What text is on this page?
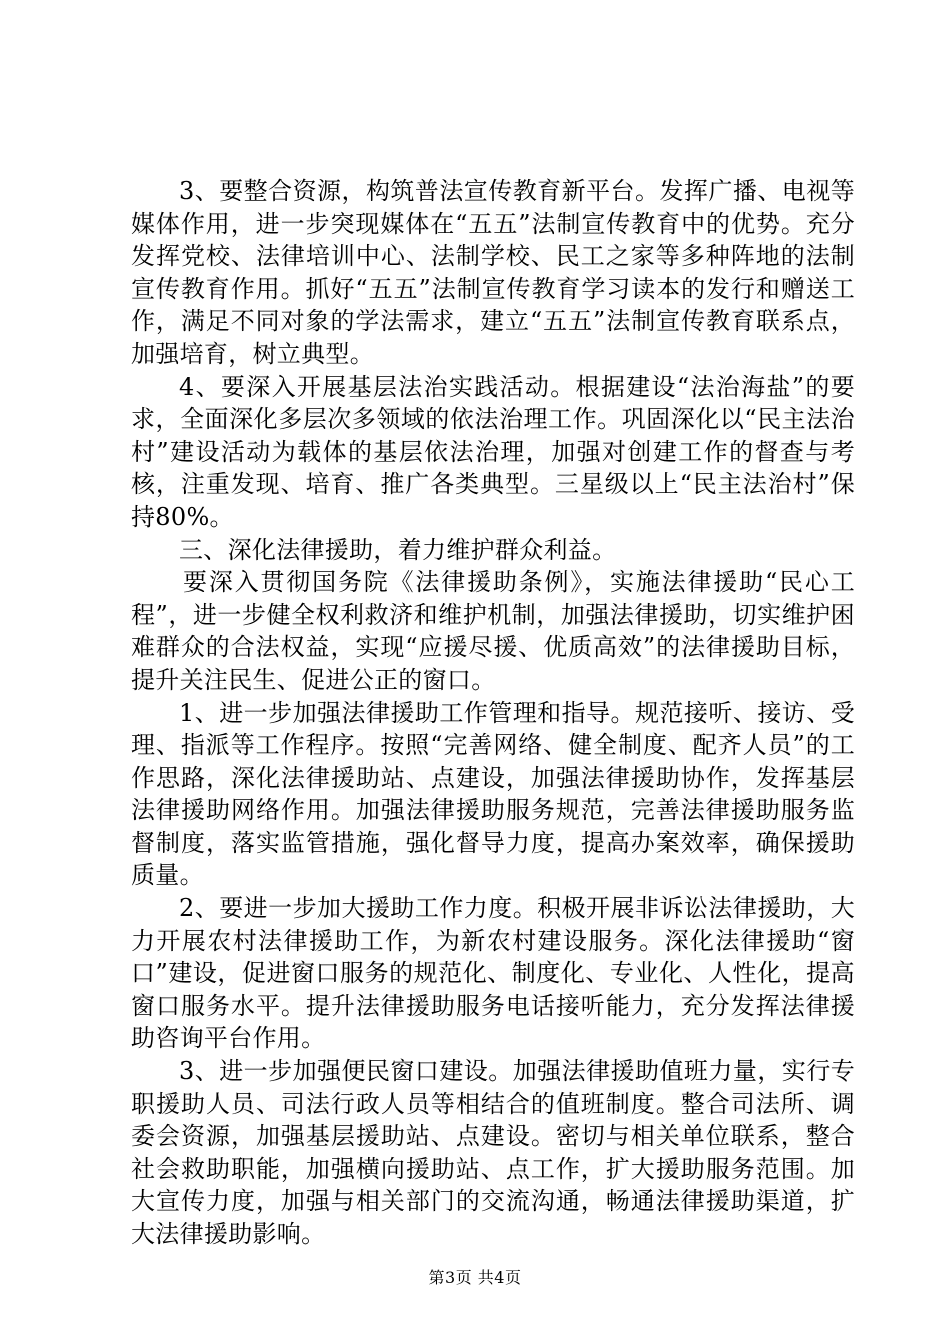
3、要整合资源，构筑普法宣传教育新平台。发挥广播、电视等媒体作用，进一步突现媒体在“五五”法制宣传教育中的优势。充分发挥党校、法律培训中心、法制学校、民工之家等多种阵地的法制宣传教育作用。抓好“五五”法制宣传教育学习读本的发行和赠送工作，满足不同对象的学法需求，建立“五五”法制宣传教育联系点，加强培育，树立典型。

4、要深入开展基层法治实践活动。根据建设“法治海盐”的要求，全面深化多层次多领域的依法治理工作。巩固深化以“民主法治村”建设活动为载体的基层依法治理，加强对创建工作的督查与考核，注重发现、培育、推广各类典型。三星级以上“民主法治村”保持80%。

三、深化法律援助，着力维护群众利益。

要深入贯彻国务院《法律援助条例》，实施法律援助“民心工程”，进一步健全权利救济和维护机制，加强法律援助，切实维护困难群众的合法权益，实现“应援尽援、优质高效”的法律援助目标，提升关注民生、促进公正的窗口。

1、进一步加强法律援助工作管理和指导。规范接听、接访、受理、指派等工作程序。按照“完善网络、健全制度、配齐人员”的工作思路，深化法律援助站、点建设，加强法律援助协作，发挥基层法律援助网络作用。加强法律援助服务规范，完善法律援助服务监督制度，落实监管措施，强化督导力度，提高办案效率，确保援助质量。

2、要进一步加大援助工作力度。积极开展非诉讼法律援助，大力开展农村法律援助工作，为新农村建设服务。深化法律援助“窗口”建设，促进窗口服务的规范化、制度化、专业化、人性化，提高窗口服务水平。提升法律援助服务电话接听能力，充分发挥法律援助咨询平台作用。

3、进一步加强便民窗口建设。加强法律援助值班力量，实行专职援助人员、司法行政人员等相结合的值班制度。整合司法所、调委会资源，加强基层援助站、点建设。密切与相关单位联系，整合社会救助职能，加强横向援助站、点工作，扩大援助服务范围。加大宣传力度，加强与相关部门的交流沟通，畅通法律援助渠道，扩大法律援助影响。

第3页 共4页
